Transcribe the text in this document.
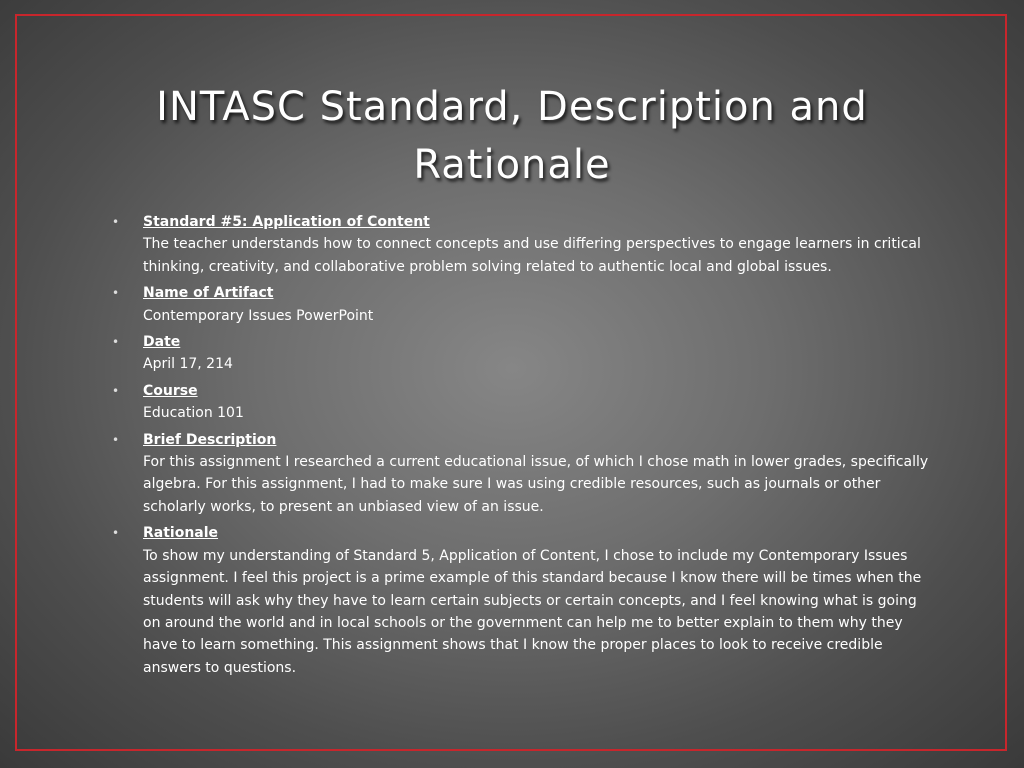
INTASC Standard, Description and
Rationale
• Standard #5: Application of Content
The teacher understands how to connect concepts and use differing perspectives to engage learners in critical thinking, creativity, and collaborative problem solving related to authentic local and global issues.
• Name of Artifact
Contemporary Issues PowerPoint
• Date
April 17, 214
• Course
Education 101
• Brief Description
For this assignment I researched a current educational issue, of which I chose math in lower grades, specifically algebra. For this assignment, I had to make sure I was using credible resources, such as journals or other scholarly works, to present an unbiased view of an issue.
• Rationale
To show my understanding of Standard 5, Application of Content, I chose to include my Contemporary Issues assignment. I feel this project is a prime example of this standard because I know there will be times when the students will ask why they have to learn certain subjects or certain concepts, and I feel knowing what is going on around the world and in local schools or the government can help me to better explain to them why they have to learn something. This assignment shows that I know the proper places to look to receive credible answers to questions.
